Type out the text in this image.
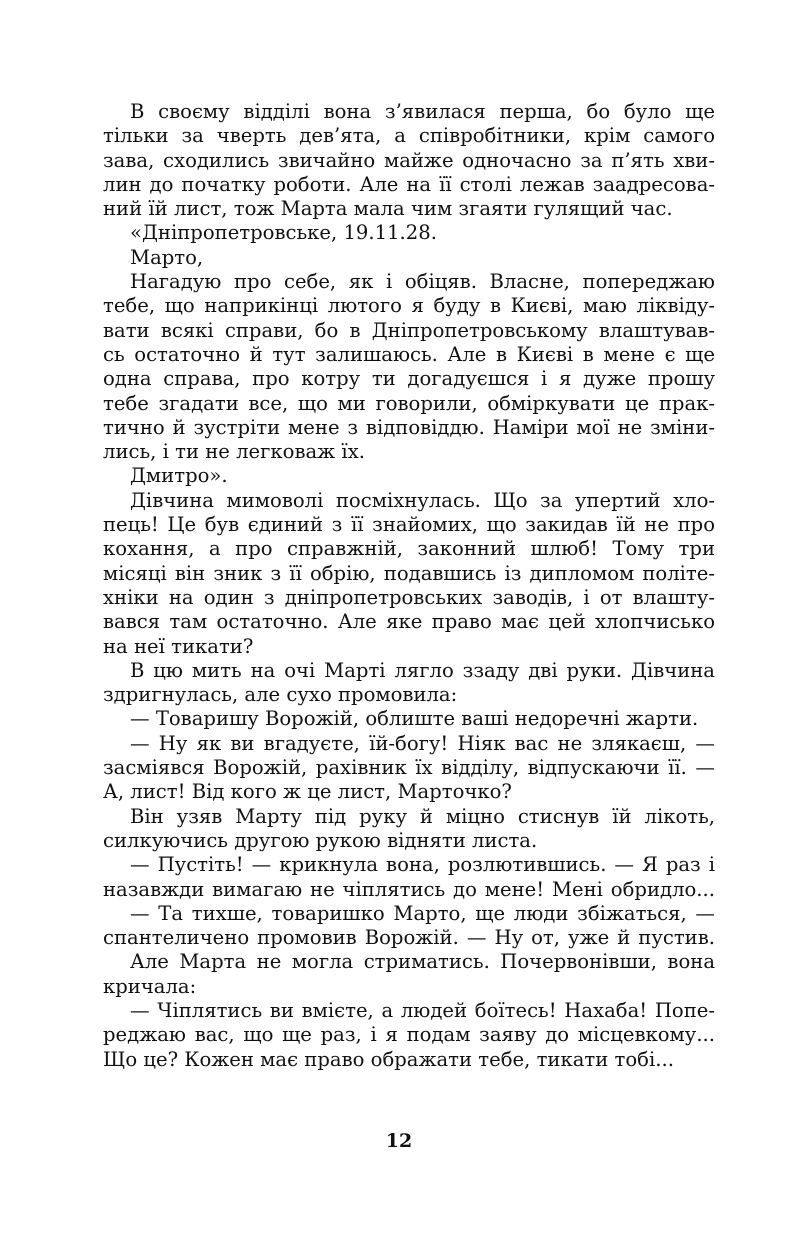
В своєму відділі вона з’явилася перша, бо було ще
тільки за чверть дев’ята, а співробітники, крім самого
зава, сходились звичайно майже одночасно за п’ять хви-
лин до початку роботи. Але на її столі лежав заадресова-
ний їй лист, тож Марта мала чим згаяти гулящий час.
«Дніпропетровське, 19.11.28.
Марто,
Нагадую про себе, як і обіцяв. Власне, попереджаю
тебе, що наприкінці лютого я буду в Києві, маю ліквіду-
вати всякі справи, бо в Дніпропетровському влаштував-
сь остаточно й тут залишаюсь. Але в Києві в мене є ще
одна справа, про котру ти догадуєшся і я дуже прошу
тебе згадати все, що ми говорили, обміркувати це прак-
тично й зустріти мене з відповіддю. Наміри мої не зміни-
лись, і ти не легковаж їх.
Дмитро».
Дівчина мимоволі посміхнулась. Що за упертий хло-
пець! Це був єдиний з її знайомих, що закидав їй не про
кохання, а про справжній, законний шлюб! Тому три
місяці він зник з її обрію, подавшись із дипломом політе-
хніки на один з дніпропетровських заводів, і от влашту-
вався там остаточно. Але яке право має цей хлопчисько
на неї тикати?
В цю мить на очі Марті лягло ззаду дві руки. Дівчина
здригнулась, але сухо промовила:
— Товаришу Ворожій, облиште ваші недоречні жарти.
— Ну як ви вгадуєте, їй-богу! Ніяк вас не злякаєш, —
засміявся Ворожій, рахівник їх відділу, відпускаючи її. —
А, лист! Від кого ж це лист, Марточко?
Він узяв Марту під руку й міцно стиснув їй лікоть,
силкуючись другою рукою відняти листа.
— Пустіть! — крикнула вона, розлютившись. — Я раз і
назавжди вимагаю не чіплятись до мене! Мені обридло...
— Та тихше, товаришко Марто, ще люди збіжаться, —
спантеличено промовив Ворожій. — Ну от, уже й пустив.
Але Марта не могла стриматись. Почервонівши, вона
кричала:
— Чіплятись ви вмієте, а людей боїтесь! Нахаба! Попе-
реджаю вас, що ще раз, і я подам заяву до місцевкому...
Що це? Кожен має право ображати тебе, тикати тобі...
12
